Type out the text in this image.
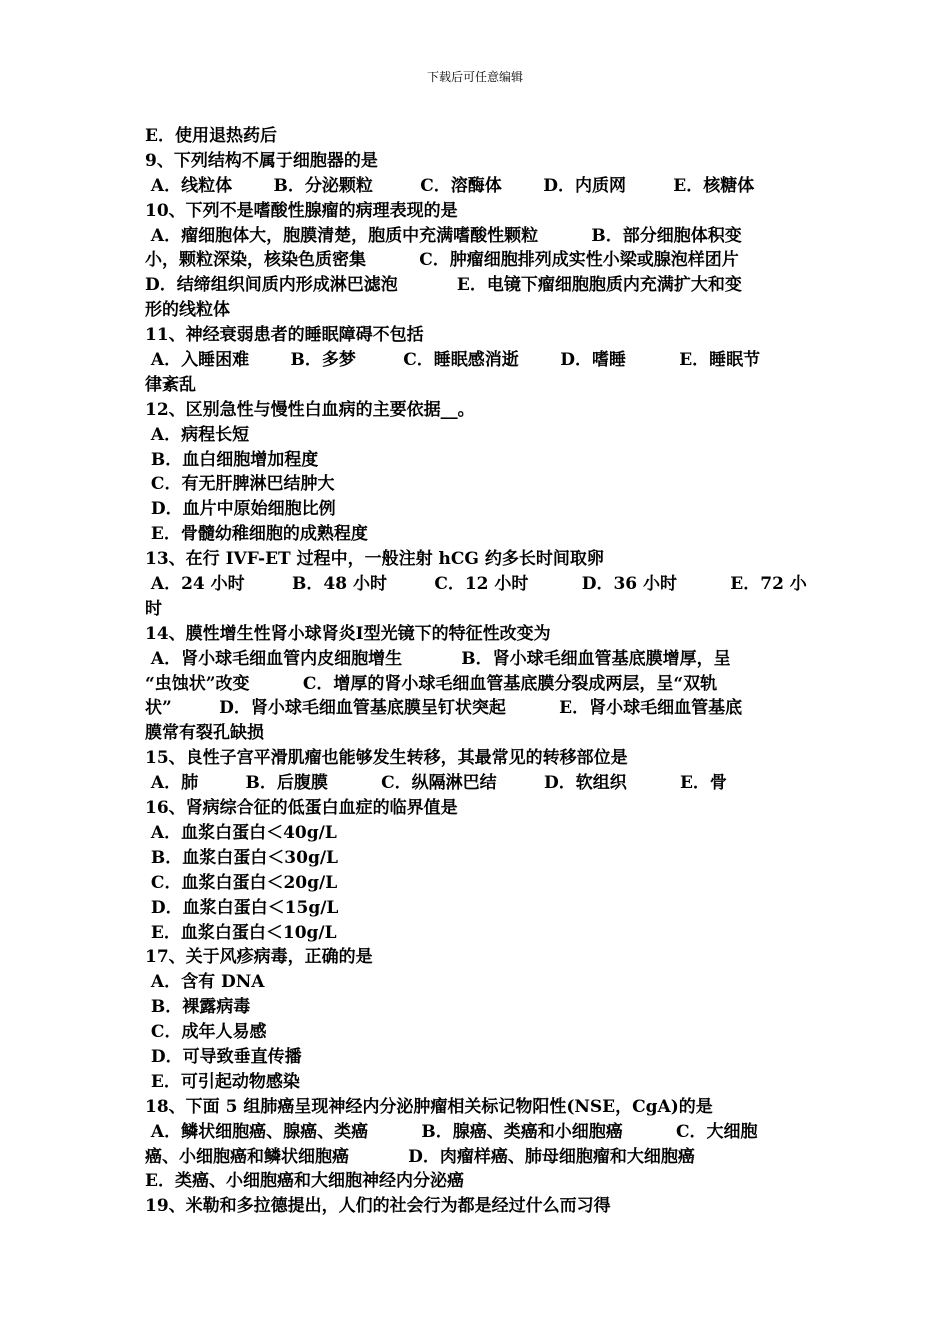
下载后可任意编辑
E．使用退热药后
9、下列结构不属于细胞器的是
A．线粒体       B．分泌颗粒        C．溶酶体       D．内质网        E．核糖体
10、下列不是嗜酸性腺瘤的病理表现的是
A．瘤细胞体大，胞膜清楚，胞质中充满嗜酸性颗粒         B．部分细胞体积变
小，颗粒深染，核染色质密集         C．肿瘤细胞排列成实性小梁或腺泡样团片
D．结缔组织间质内形成淋巴滤泡          E．电镜下瘤细胞胞质内充满扩大和变
形的线粒体
11、神经衰弱患者的睡眠障碍不包括
A．入睡困难       B．多梦        C．睡眠感消逝       D．嗜睡         E．睡眠节
律紊乱
12、区别急性与慢性白血病的主要依据__。
A．病程长短
B．血白细胞增加程度
C．有无肝脾淋巴结肿大
D．血片中原始细胞比例
E．骨髓幼稚细胞的成熟程度
13、在行 IVF-ET 过程中，一般注射 hCG 约多长时间取卵
A．24 小时        B．48 小时        C．12 小时         D．36 小时         E．72 小
时
14、膜性增生性肾小球肾炎Ⅰ型光镜下的特征性改变为
A．肾小球毛细血管内皮细胞增生          B．肾小球毛细血管基底膜增厚，呈
“虫蚀状”改变         C．增厚的肾小球毛细血管基底膜分裂成两层，呈“双轨
状”        D．肾小球毛细血管基底膜呈钉状突起         E．肾小球毛细血管基底
膜常有裂孔缺损
15、良性子宫平滑肌瘤也能够发生转移，其最常见的转移部位是
A．肺        B．后腹膜         C．纵隔淋巴结        D．软组织         E．骨
16、肾病综合征的低蛋白血症的临界值是
A．血浆白蛋白＜40g/L
B．血浆白蛋白＜30g/L
C．血浆白蛋白＜20g/L
D．血浆白蛋白＜15g/L
E．血浆白蛋白＜10g/L
17、关于风疹病毒，正确的是
A．含有 DNA
B．裸露病毒
C．成年人易感
D．可导致垂直传播
E．可引起动物感染
18、下面 5 组肺癌呈现神经内分泌肿瘤相关标记物阳性(NSE，CgA)的是
A．鳞状细胞癌、腺癌、类癌         B．腺癌、类癌和小细胞癌         C．大细胞
癌、小细胞癌和鳞状细胞癌          D．肉瘤样癌、肺母细胞瘤和大细胞癌
E．类癌、小细胞癌和大细胞神经内分泌癌
19、米勒和多拉德提出，人们的社会行为都是经过什么而习得
